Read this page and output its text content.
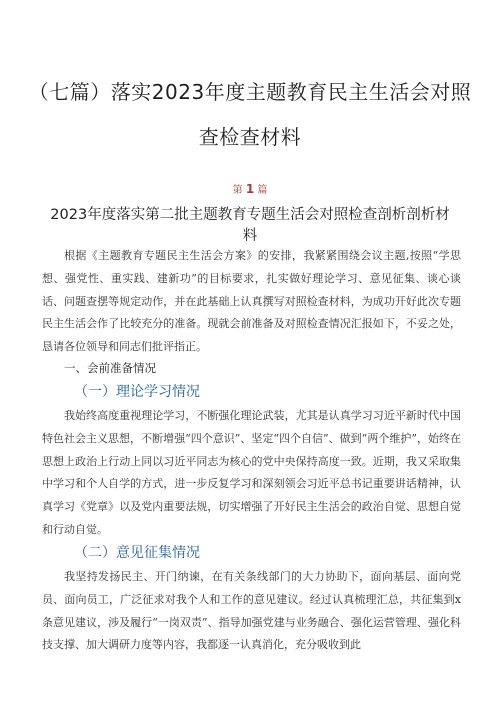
（七篇）落实2023年度主题教育民主生活会对照
查检查材料
第 1 篇
2023年度落实第二批主题教育专题生活会对照检查剖析剖析材
料
根据《主题教育专题民主生活会方案》的安排，我紧紧围绕会议主题,按照“学思想、强党性、重实践、建新功”的目标要求，扎实做好理论学习、意见征集、谈心谈话、问题查摆等规定动作，并在此基础上认真撰写对照检查材料，为成功开好此次专题民主生活会作了比较充分的准备。现就会前准备及对照检查情况汇报如下，不妥之处，恳请各位领导和同志们批评指正。
一、会前准备情况
（一）理论学习情况
我始终高度重视理论学习，不断强化理论武装，尤其是认真学习习近平新时代中国特色社会主义思想，不断增强“四个意识”、坚定“四个自信”、做到“两个维护”，始终在思想上政治上行动上同以习近平同志为核心的党中央保持高度一致。近期，我又采取集中学习和个人自学的方式，进一步反复学习和深刻领会习近平总书记重要讲话精神，认真学习《党章》以及党内重要法规，切实增强了开好民主生活会的政治自觉、思想自觉和行动自觉。
（二）意见征集情况
我坚持发扬民主、开门纳谏，在有关条线部门的大力协助下，面向基层、面向党员、面向员工，广泛征求对我个人和工作的意见建议。经过认真梳理汇总，共征集到x条意见建议，涉及履行“一岗双责”、指导加强党建与业务融合、强化运营管理、强化科技支撑、加大调研力度等内容，我都逐一认真消化，充分吸收到此
